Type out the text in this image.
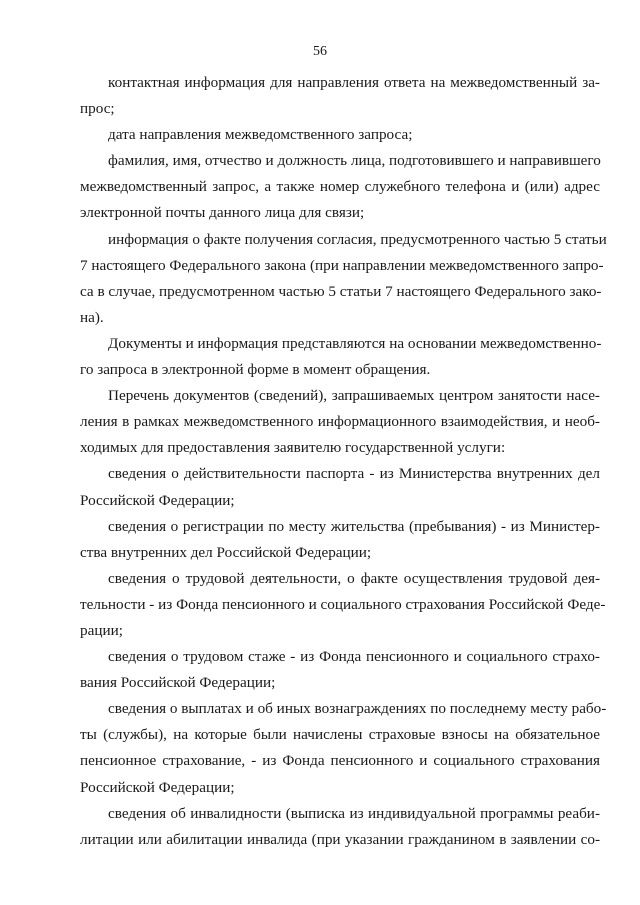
56

контактная информация для направления ответа на межведомственный за-
прос;

дата направления межведомственного запроса;

фамилия, имя, отчество и должность лица, подготовившего и направившего
межведомственный запрос, а также номер служебного телефона и (или) адрес
электронной почты данного лица для связи;

информация о факте получения согласия, предусмотренного частью 5 статьи
7 настоящего Федерального закона (при направлении межведомственного запро-
са в случае, предусмотренном частью 5 статьи 7 настоящего Федерального зако-
на).

Документы и информация представляются на основании межведомственно-
го запроса в электронной форме в момент обращения.

Перечень документов (сведений), запрашиваемых центром занятости насе-
ления в рамках межведомственного информационного взаимодействия, и необ-
ходимых для предоставления заявителю государственной услуги:

сведения о действительности паспорта - из Министерства внутренних дел
Российской Федерации;

сведения о регистрации по месту жительства (пребывания) - из Министер-
ства внутренних дел Российской Федерации;

сведения о трудовой деятельности, о факте осуществления трудовой дея-
тельности - из Фонда пенсионного и социального страхования Российской Феде-
рации;

сведения о трудовом стаже - из Фонда пенсионного и социального страхо-
вания Российской Федерации;

сведения о выплатах и об иных вознаграждениях по последнему месту рабо-
ты (службы), на которые были начислены страховые взносы на обязательное
пенсионное страхование, - из Фонда пенсионного и социального страхования
Российской Федерации;

сведения об инвалидности (выписка из индивидуальной программы реаби-
литации или абилитации инвалида (при указании гражданином в заявлении со-
